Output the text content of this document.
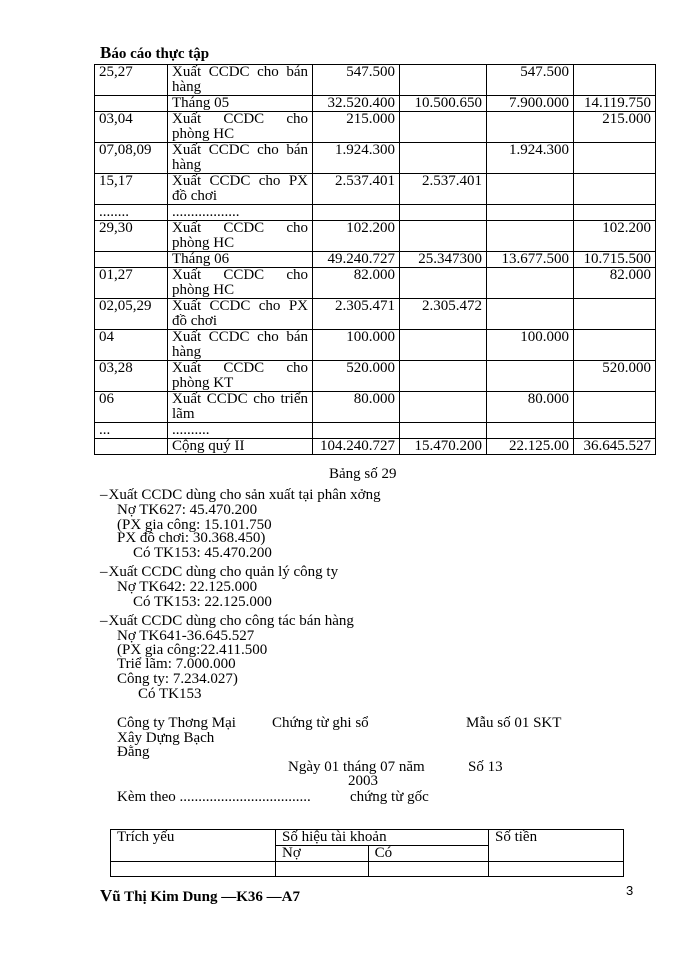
Báo cáo thực tập
25,27	Xuất CCDC cho bán hàng	547.500		547.500	
	Tháng 05	32.520.400	10.500.650	7.900.000	14.119.750
03,04	Xuất CCDC cho phòng HC	215.000			215.000
07,08,09	Xuất CCDC cho bán hàng	1.924.300		1.924.300	
15,17	Xuất CCDC cho PX đồ chơi	2.537.401	2.537.401		
........	..................				
29,30	Xuất CCDC cho phòng HC	102.200			102.200
	Tháng 06	49.240.727	25.347300	13.677.500	10.715.500
01,27	Xuất CCDC cho phòng HC	82.000			82.000
02,05,29	Xuất CCDC cho PX đồ chơi	2.305.471	2.305.472		
04	Xuất CCDC cho bán hàng	100.000		100.000	
03,28	Xuất CCDC cho phòng KT	520.000			520.000
06	Xuất CCDC cho triển lãm	80.000		80.000	
...	..........				
	Cộng quý II	104.240.727	15.470.200	22.125.00	36.645.527
Bảng số 29
– Xuất CCDC dùng cho sản xuất tại phân xởng
Nợ TK627: 45.470.200
(PX gia công: 15.101.750
PX đồ chơi: 30.368.450)
Có TK153: 45.470.200
– Xuất CCDC dùng cho quản lý công ty
Nợ TK642: 22.125.000
Có TK153: 22.125.000
– Xuất CCDC dùng cho công tác bán hàng
Nợ TK641-36.645.527
(PX gia công:22.411.500
Triể lãm: 7.000.000
Công ty: 7.234.027)
Có TK153
Công ty Thơng Mại
Xây Dựng Bạch
Đằng
Chứng từ ghi sổ	Mẫu số 01 SKT
Ngày 01 tháng 07 năm
2003
Số 13
Kèm theo ...................................	chứng từ gốc
Trích yếu	Số hiệu tài khoản		Số tiền
	Nợ	Có	

Vũ Thị Kim Dung —K36 —A7	3
